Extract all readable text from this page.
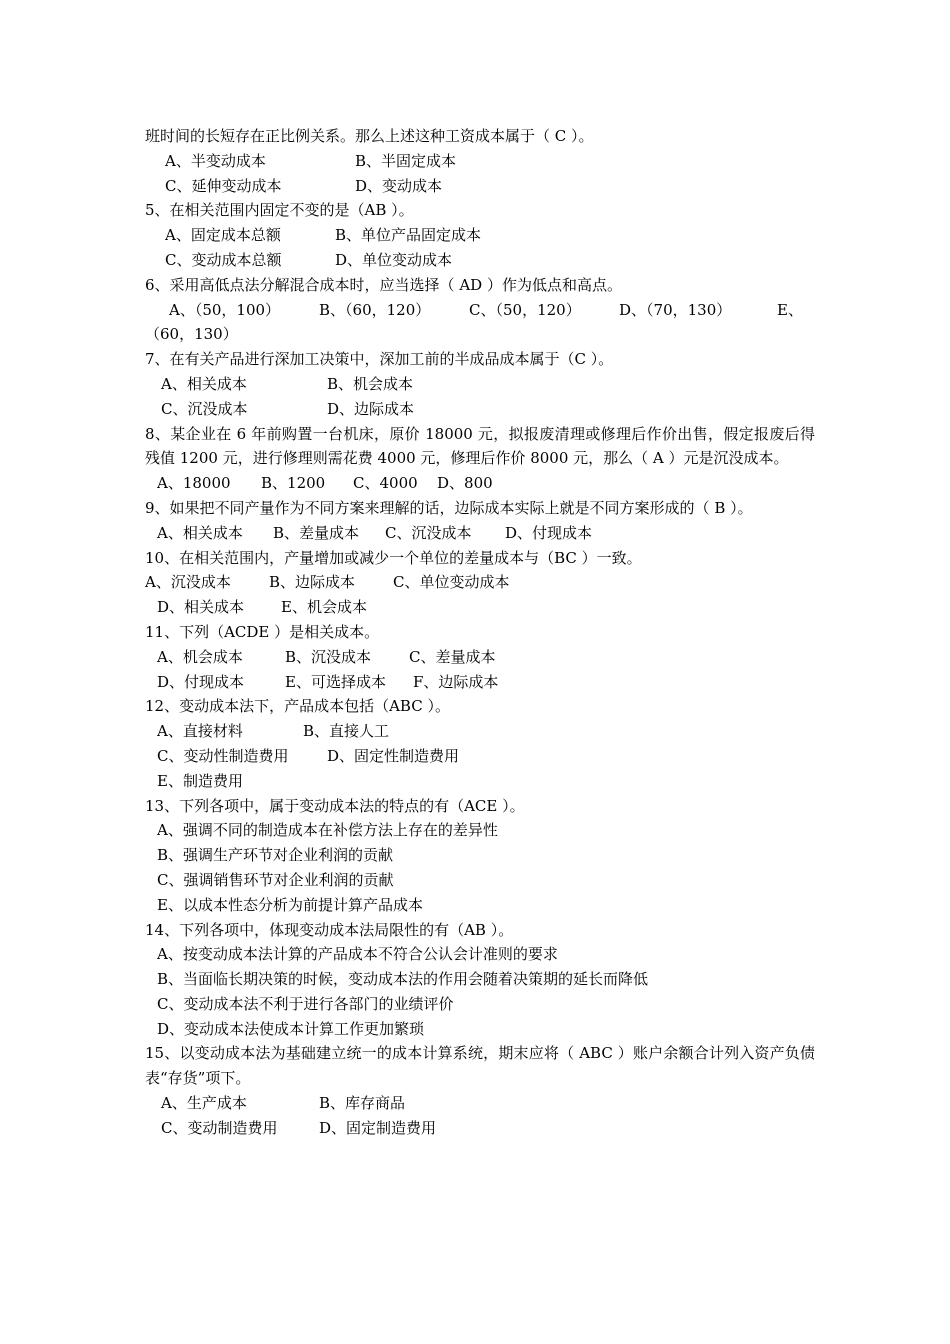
班时间的长短存在正比例关系。那么上述这种工资成本属于（ C ）。
A、半变动成本	B、半固定成本
C、延伸变动成本	D、变动成本
5、在相关范围内固定不变的是（AB ）。
A、固定成本总额	B、单位产品固定成本
C、变动成本总额	D、单位变动成本
6、采用高低点法分解混合成本时，应当选择（ AD ）作为低点和高点。
A、（50，100）	B、（60，120）	C、（50，120）	D、（70，130）	E、
（60，130）
7、在有关产品进行深加工决策中，深加工前的半成品成本属于（C ）。
A、相关成本	B、机会成本
C、沉没成本	D、边际成本
8、某企业在 6 年前购置一台机床，原价 18000 元，拟报废清理或修理后作价出售，假定报废后得残值 1200 元，进行修理则需花费 4000 元，修理后作价 8000 元，那么（ A ）元是沉没成本。
A、18000 B、1200 C、4000 D、800
9、如果把不同产量作为不同方案来理解的话，边际成本实际上就是不同方案形成的（ B ）。
A、相关成本 B、差量成本 C、沉没成本 D、付现成本
10、在相关范围内，产量增加或减少一个单位的差量成本与（BC ）一致。
A、沉没成本	B、边际成本	C、单位变动成本
D、相关成本 E、机会成本
11、下列（ACDE ）是相关成本。
A、机会成本	B、沉没成本	C、差量成本
D、付现成本	E、可选择成本 F、边际成本
12、变动成本法下，产品成本包括（ABC ）。
A、直接材料	B、直接人工
C、变动性制造费用	D、固定性制造费用
E、制造费用
13、下列各项中，属于变动成本法的特点的有（ACE ）。
A、强调不同的制造成本在补偿方法上存在的差异性
B、强调生产环节对企业利润的贡献
C、强调销售环节对企业利润的贡献
E、以成本性态分析为前提计算产品成本
14、下列各项中，体现变动成本法局限性的有（AB ）。
A、按变动成本法计算的产品成本不符合公认会计准则的要求
B、当面临长期决策的时候，变动成本法的作用会随着决策期的延长而降低
C、变动成本法不利于进行各部门的业绩评价
D、变动成本法使成本计算工作更加繁琐
15、以变动成本法为基础建立统一的成本计算系统，期末应将（ ABC ）账户余额合计列入资产负债表“存货”项下。
A、生产成本	B、库存商品
C、变动制造费用	D、固定制造费用
